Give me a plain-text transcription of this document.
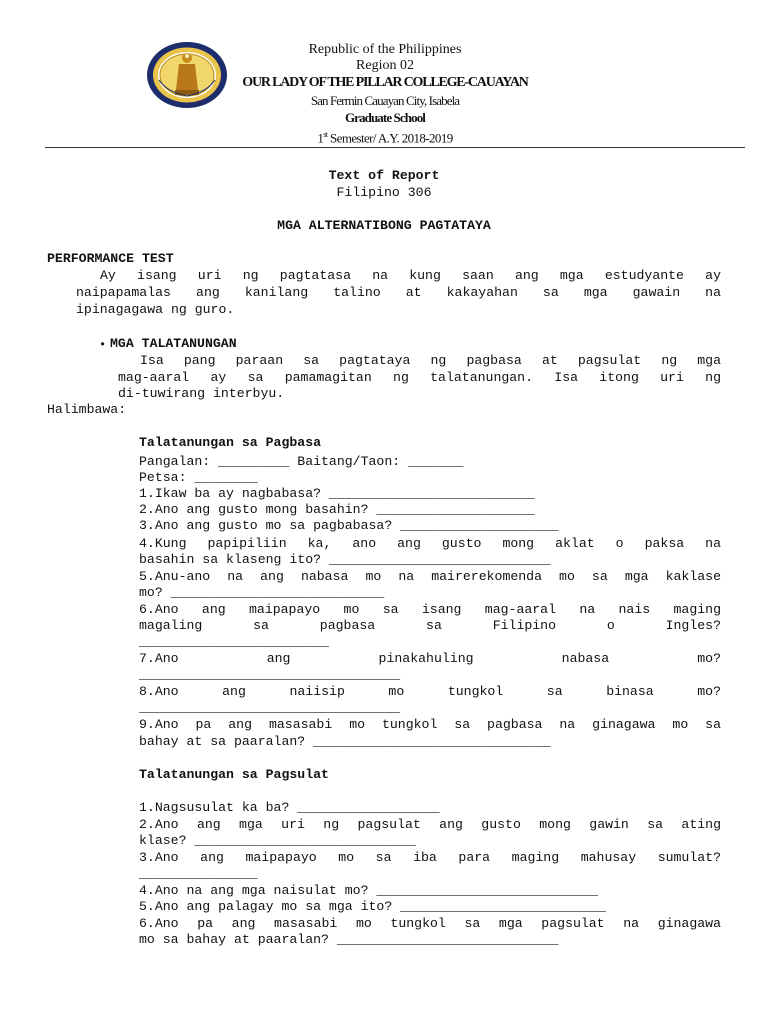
Republic of the Philippines
Region 02
OUR LADY OF THE PILLAR COLLEGE-CAUAYAN
San Fermin Cauayan City, Isabela
Graduate School
1st Semester/ A.Y. 2018-2019
Text of Report
Filipino 306
MGA ALTERNATIBONG PAGTATAYA
PERFORMANCE TEST
Ay isang uri ng pagtatasa na kung saan ang mga estudyante ay
naipapamalas ang kanilang talino at kakayahan sa mga gawain na
ipinagagawa ng guro.
• MGA TALATANUNGAN
Isa pang paraan sa pagtataya ng pagbasa at pagsulat ng mga
mag-aaral ay sa pamamagitan ng talatanungan. Isa itong uri ng
di-tuwirang interbyu.
Halimbawa:
Talatanungan sa Pagbasa
Pangalan: _________ Baitang/Taon: _______
Petsa: ________
1.Ikaw ba ay nagbabasa? __________________________
2.Ano ang gusto mong basahin? ____________________
3.Ano ang gusto mo sa pagbabasa? ____________________
4.Kung papipiliin ka, ano ang gusto mong aklat o paksa na
basahin sa klaseng ito? ____________________________
5.Anu-ano na ang nabasa mo na mairerekomenda mo sa mga kaklase
mo? ___________________________
6.Ano ang maipapayo mo sa isang mag-aaral na nais maging
magaling sa pagbasa sa Filipino o Ingles?
________________________
7.Ano ang pinakahuling nabasa mo?
_________________________________
8.Ano ang naiisip mo tungkol sa binasa mo?
_________________________________
9.Ano pa ang masasabi mo tungkol sa pagbasa na ginagawa mo sa
bahay at sa paaralan? ______________________________
Talatanungan sa Pagsulat
1.Nagsusulat ka ba? __________________
2.Ano ang mga uri ng pagsulat ang gusto mong gawin sa ating
klase? ____________________________
3.Ano ang maipapayo mo sa iba para maging mahusay sumulat?
_______________
4.Ano na ang mga naisulat mo? ____________________________
5.Ano ang palagay mo sa mga ito? __________________________
6.Ano pa ang masasabi mo tungkol sa mga pagsulat na ginagawa
mo sa bahay at paaralan? ____________________________
